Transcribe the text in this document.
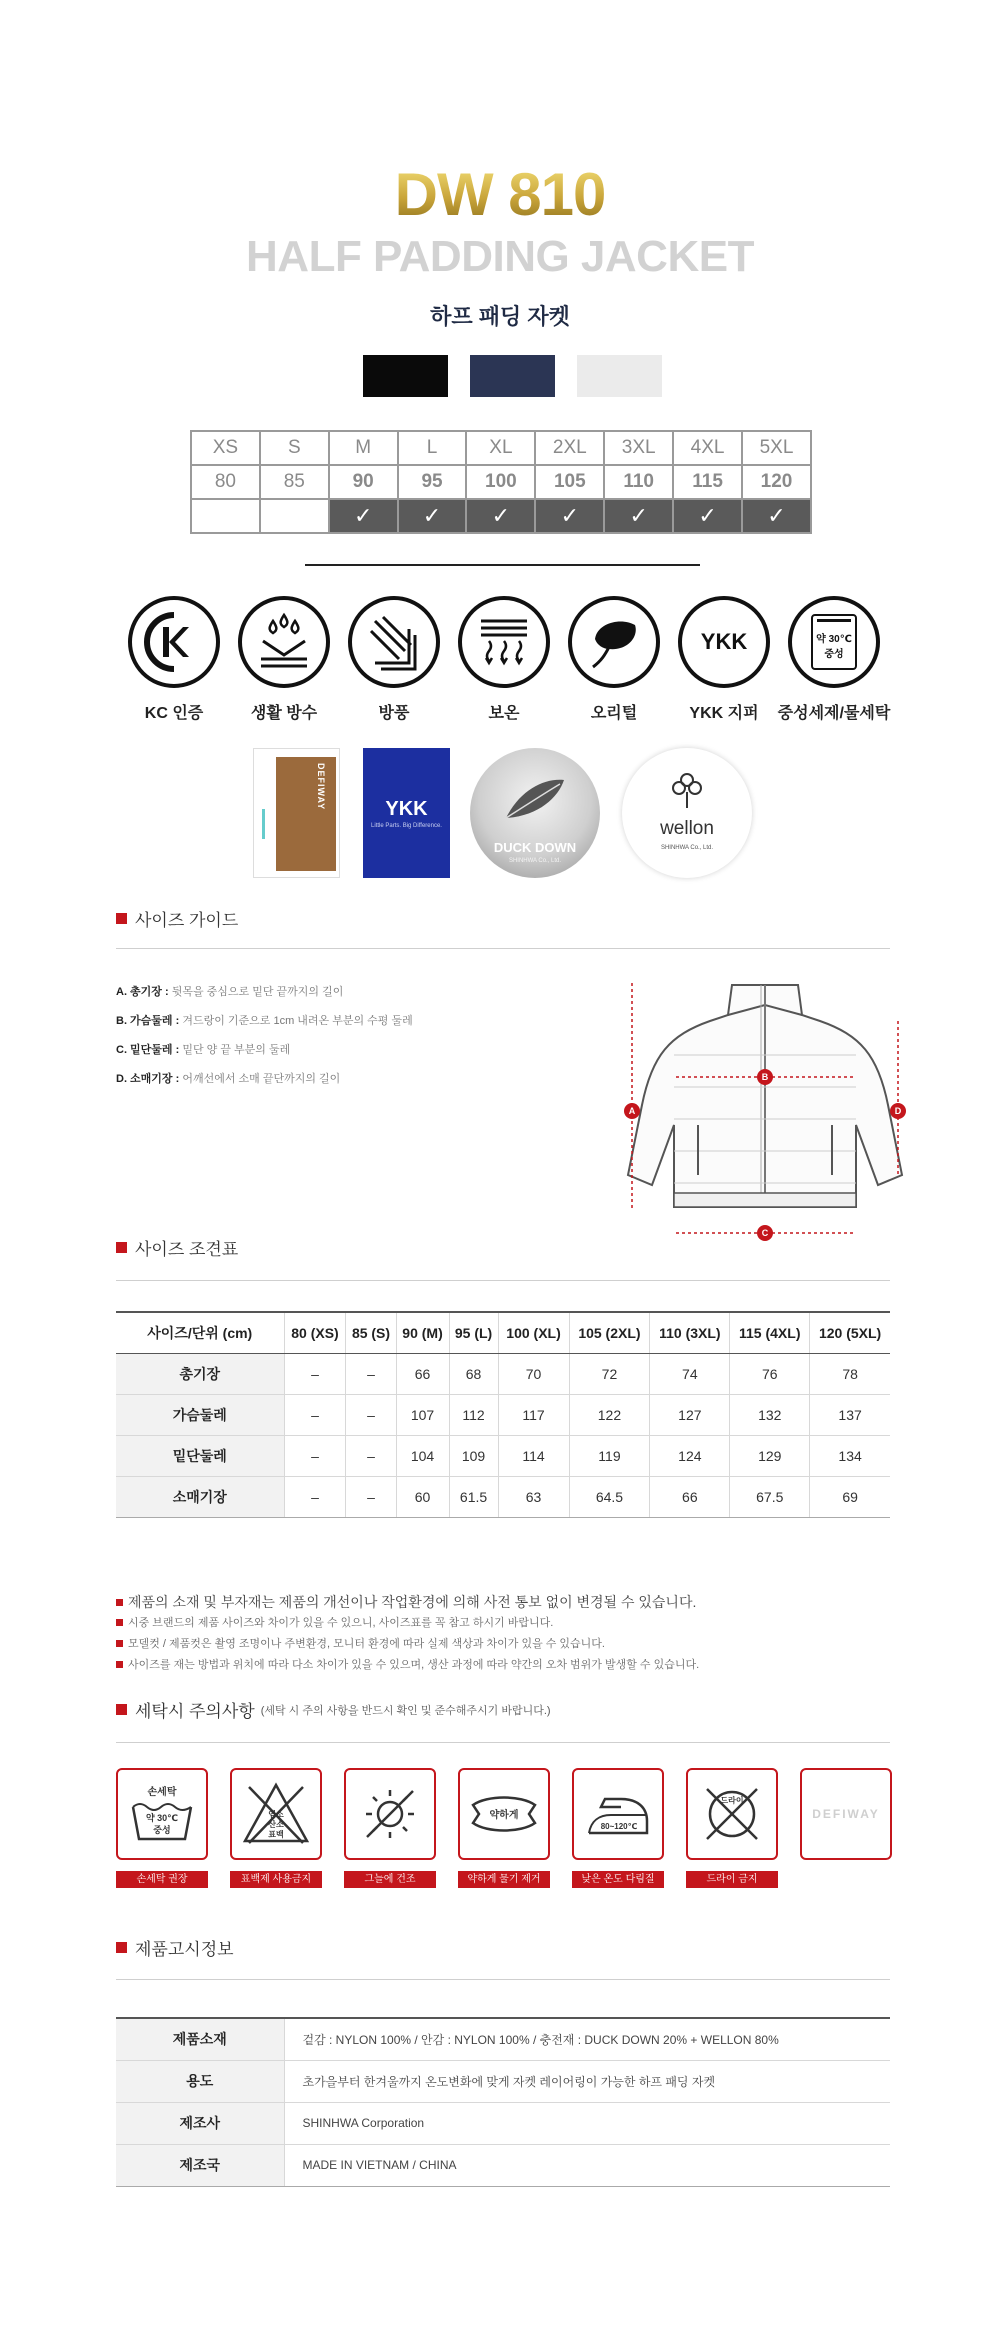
DW 810
HALF PADDING JACKET
하프 패딩 자켓
XS	S	M	L	XL	2XL	3XL	4XL	5XL
80	85	90	95	100	105	110	115	120
		✓	✓	✓	✓	✓	✓	✓
YKK	약 30℃
중성
KC 인증	생활 방수	방풍	보온	오리털	YKK 지퍼	중성세제/물세탁
DEFIWAY	YKK
Little Parts. Big Difference.
DUCK DOWN
SHINHWA Co., Ltd.
wellon
SHINHWA Co., Ltd.
사이즈 가이드
A. 총기장 : 뒷목을 중심으로 밑단 끝까지의 길이
B. 가슴둘레 : 겨드랑이 기준으로 1cm 내려온 부분의 수평 둘레
C. 밑단둘레 : 밑단 양 끝 부분의 둘레
D. 소매기장 : 어깨선에서 소매 끝단까지의 길이
A
B
C
D
사이즈 조견표
사이즈/단위 (cm)	80 (XS)	85 (S)	90 (M)	95 (L)	100 (XL)	105 (2XL)	110 (3XL)	115 (4XL)	120 (5XL)
총기장	–	–	66	68	70	72	74	76	78
가슴둘레	–	–	107	112	117	122	127	132	137
밑단둘레	–	–	104	109	114	119	124	129	134
소매기장	–	–	60	61.5	63	64.5	66	67.5	69
제품의 소재 및 부자재는 제품의 개선이나 작업환경에 의해 사전 통보 없이 변경될 수 있습니다.
시중 브랜드의 제품 사이즈와 차이가 있을 수 있으니, 사이즈표를 꼭 참고 하시기 바랍니다.
모델컷 / 제품컷은 촬영 조명이나 주변환경, 모니터 환경에 따라 실제 색상과 차이가 있을 수 있습니다.
사이즈를 재는 방법과 위치에 따라 다소 차이가 있을 수 있으며, 생산 과정에 따라 약간의 오차 범위가 발생할 수 있습니다.
세탁시 주의사항 (세탁 시 주의 사항을 반드시 확인 및 준수해주시기 바랍니다.)
손세탁
약 30℃
중성
염소
산소
표백
약하게
80~120℃
드라이
DEFIWAY
손세탁 권장	표백제 사용금지	그늘에 건조	약하게 물기 제거	낮은 온도 다림질	드라이 금지
제품고시정보
제품소재	겉감 : NYLON 100% / 안감 : NYLON 100% / 충전재 : DUCK DOWN 20% + WELLON 80%
용도	초가을부터 한겨울까지 온도변화에 맞게 자켓 레이어링이 가능한 하프 패딩 자켓
제조사	SHINHWA Corporation
제조국	MADE IN VIETNAM / CHINA
